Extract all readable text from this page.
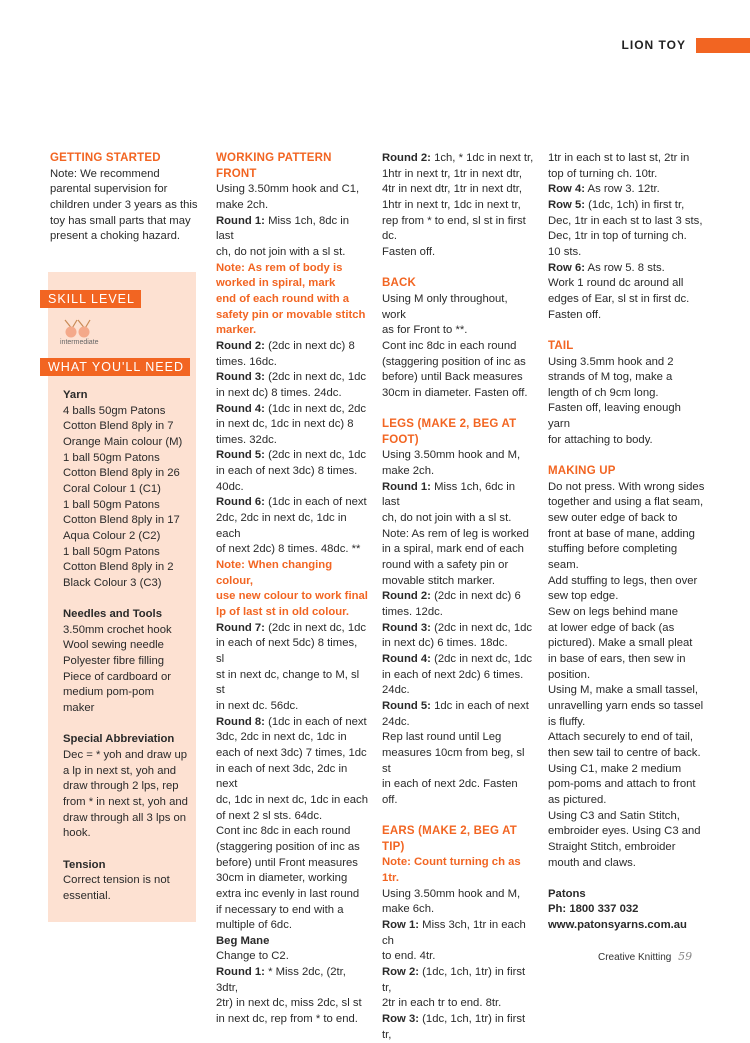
LION TOY

GETTING STARTED

Note: We recommend

parental supervision for

children under 3 years as this

toy has small parts that may

present a choking hazard.

SKILL LEVEL
intermediate
WHAT YOU'LL NEED

Yarn

4 balls 50gm Patons

Cotton Blend 8ply in 7

Orange Main colour (M)

1 ball 50gm Patons

Cotton Blend 8ply in 26

Coral Colour 1 (C1)

1 ball 50gm Patons

Cotton Blend 8ply in 17

Aqua Colour 2 (C2)

1 ball 50gm Patons

Cotton Blend 8ply in 2

Black Colour 3 (C3)

Needles and Tools

3.50mm crochet hook

Wool sewing needle

Polyester fibre filling

Piece of cardboard or

medium pom-pom

maker

Special Abbreviation

Dec = * yoh and draw up

a lp in next st, yoh and

draw through 2 lps, rep

from * in next st, yoh and

draw through all 3 lps on

hook.

Tension

Correct tension is not

essential.

WORKING PATTERN

FRONT

Using 3.50mm hook and C1,

make 2ch.

Round 1: Miss 1ch, 8dc in last

ch, do not join with a sl st.

Note: As rem of body is

worked in spiral, mark

end of each round with a

safety pin or movable stitch

marker.

Round 2: (2dc in next dc) 8

times. 16dc.

Round 3: (2dc in next dc, 1dc

in next dc) 8 times. 24dc.

Round 4: (1dc in next dc, 2dc

in next dc, 1dc in next dc) 8

times. 32dc.

Round 5: (2dc in next dc, 1dc

in each of next 3dc) 8 times.

40dc.

Round 6: (1dc in each of next

2dc, 2dc in next dc, 1dc in each

of next 2dc) 8 times. 48dc. **

Note: When changing colour,

use new colour to work final

lp of last st in old colour.

Round 7: (2dc in next dc, 1dc

in each of next 5dc) 8 times, sl

st in next dc, change to M, sl st

in next dc. 56dc.

Round 8: (1dc in each of next

3dc, 2dc in next dc, 1dc in

each of next 3dc) 7 times, 1dc

in each of next 3dc, 2dc in next

dc, 1dc in next dc, 1dc in each

of next 2 sl sts. 64dc.

Cont inc 8dc in each round

(staggering position of inc as

before) until Front measures

30cm in diameter, working

extra inc evenly in last round

if necessary to end with a

multiple of 6dc.

Beg Mane

Change to C2.

Round 1: * Miss 2dc, (2tr, 3dtr,

2tr) in next dc, miss 2dc, sl st

in next dc, rep from * to end.

Round 2: 1ch, * 1dc in next tr,

1htr in next tr, 1tr in next dtr,

4tr in next dtr, 1tr in next dtr,

1htr in next tr, 1dc in next tr,

rep from * to end, sl st in first

dc.

Fasten off.

BACK

Using M only throughout, work

as for Front to **.

Cont inc 8dc in each round

(staggering position of inc as

before) until Back measures

30cm in diameter. Fasten off.

LEGS (MAKE 2, BEG AT

FOOT)

Using 3.50mm hook and M,

make 2ch.

Round 1: Miss 1ch, 6dc in last

ch, do not join with a sl st.

Note: As rem of leg is worked

in a spiral, mark end of each

round with a safety pin or

movable stitch marker.

Round 2: (2dc in next dc) 6

times. 12dc.

Round 3: (2dc in next dc, 1dc

in next dc) 6 times. 18dc.

Round 4: (2dc in next dc, 1dc

in each of next 2dc) 6 times.

24dc.

Round 5: 1dc in each of next

24dc.

Rep last round until Leg

measures 10cm from beg, sl st

in each of next 2dc. Fasten off.

EARS (MAKE 2, BEG AT

TIP)

Note: Count turning ch as 1tr.

Using 3.50mm hook and M,

make 6ch.

Row 1: Miss 3ch, 1tr in each ch

to end. 4tr.

Row 2: (1dc, 1ch, 1tr) in first tr,

2tr in each tr to end. 8tr.

Row 3: (1dc, 1ch, 1tr) in first tr,

1tr in each st to last st, 2tr in

top of turning ch. 10tr.

Row 4: As row 3. 12tr.

Row 5: (1dc, 1ch) in first tr,

Dec, 1tr in each st to last 3 sts,

Dec, 1tr in top of turning ch.

10 sts.

Row 6: As row 5. 8 sts.

Work 1 round dc around all

edges of Ear, sl st in first dc.

Fasten off.

TAIL

Using 3.5mm hook and 2

strands of M tog, make a

length of ch 9cm long.

Fasten off, leaving enough yarn

for attaching to body.

MAKING UP

Do not press. With wrong sides

together and using a flat seam,

sew outer edge of back to

front at base of mane, adding

stuffing before completing

seam.

Add stuffing to legs, then over

sew top edge.

Sew on legs behind mane

at lower edge of back (as

pictured). Make a small pleat

in base of ears, then sew in

position.

Using M, make a small tassel,

unravelling yarn ends so tassel

is fluffy.

Attach securely to end of tail,

then sew tail to centre of back.

Using C1, make 2 medium

pom-poms and attach to front

as pictured.

Using C3 and Satin Stitch,

embroider eyes. Using C3 and

Straight Stitch, embroider

mouth and claws.

Patons

Ph: 1800 337 032

www.patonsyarns.com.au

Creative Knitting 59
